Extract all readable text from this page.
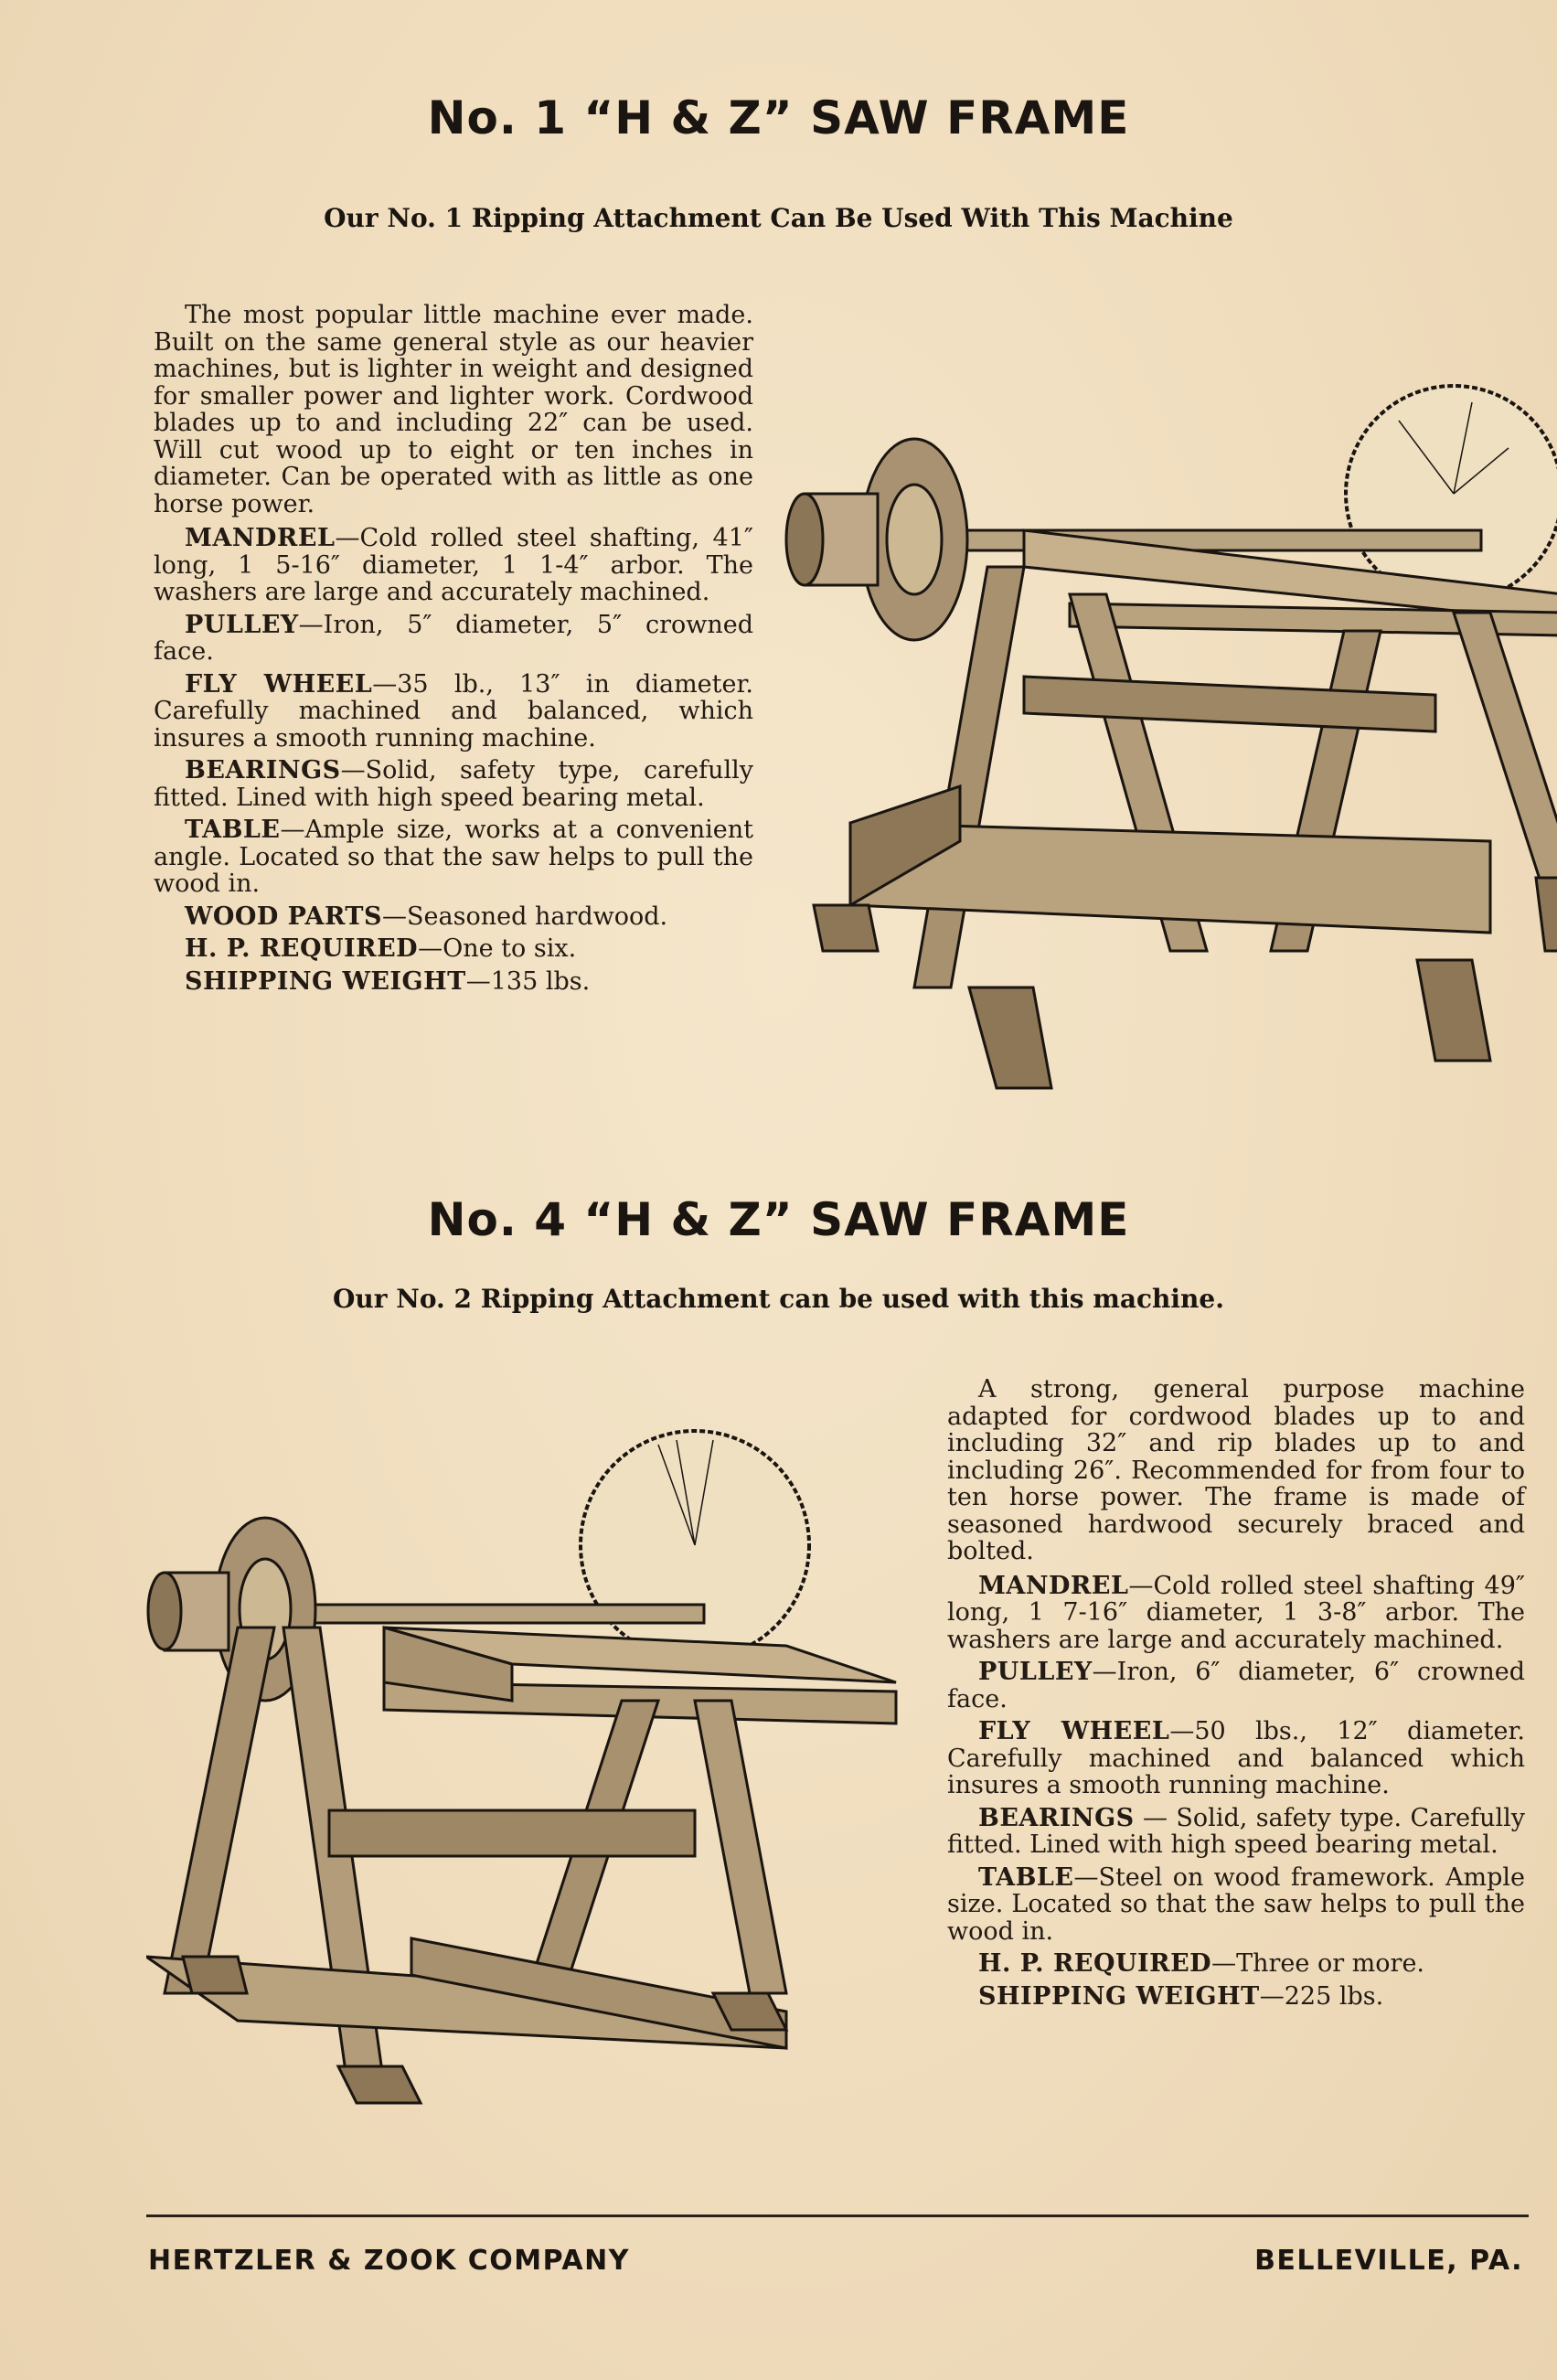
No. 1 “H & Z” SAW FRAME
Our No. 1 Ripping Attachment Can Be Used With This Machine

The most popular little machine ever made. Built on the same general style as our heavier machines, but is lighter in weight and designed for smaller power and lighter work. Cordwood blades up to and including 22″ can be used. Will cut wood up to eight or ten inches in diameter. Can be operated with as little as one horse power.

MANDREL—Cold rolled steel shafting, 41″ long, 1 5-16″ diameter, 1 1-4″ arbor. The washers are large and accurately machined.

PULLEY—Iron, 5″ diameter, 5″ crowned face.

FLY WHEEL—35 lb., 13″ in diameter. Carefully machined and balanced, which insures a smooth running machine.

BEARINGS—Solid, safety type, carefully fitted. Lined with high speed bearing metal.

TABLE—Ample size, works at a convenient angle. Located so that the saw helps to pull the wood in.

WOOD PARTS—Seasoned hardwood.

H. P. REQUIRED—One to six.

SHIPPING WEIGHT—135 lbs.

No. 4 “H & Z” SAW FRAME
Our No. 2 Ripping Attachment can be used with this machine.

A strong, general purpose machine adapted for cordwood blades up to and including 32″ and rip blades up to and including 26″. Recommended for from four to ten horse power. The frame is made of seasoned hardwood securely braced and bolted.

MANDREL—Cold rolled steel shafting 49″ long, 1 7-16″ diameter, 1 3-8″ arbor. The washers are large and accurately machined.

PULLEY—Iron, 6″ diameter, 6″ crowned face.

FLY WHEEL—50 lbs., 12″ diameter. Carefully machined and balanced which insures a smooth running machine.

BEARINGS — Solid, safety type. Carefully fitted. Lined with high speed bearing metal.

TABLE—Steel on wood framework. Ample size. Located so that the saw helps to pull the wood in.

H. P. REQUIRED—Three or more.

SHIPPING WEIGHT—225 lbs.

HERTZLER & ZOOK COMPANY	BELLEVILLE, PA.
